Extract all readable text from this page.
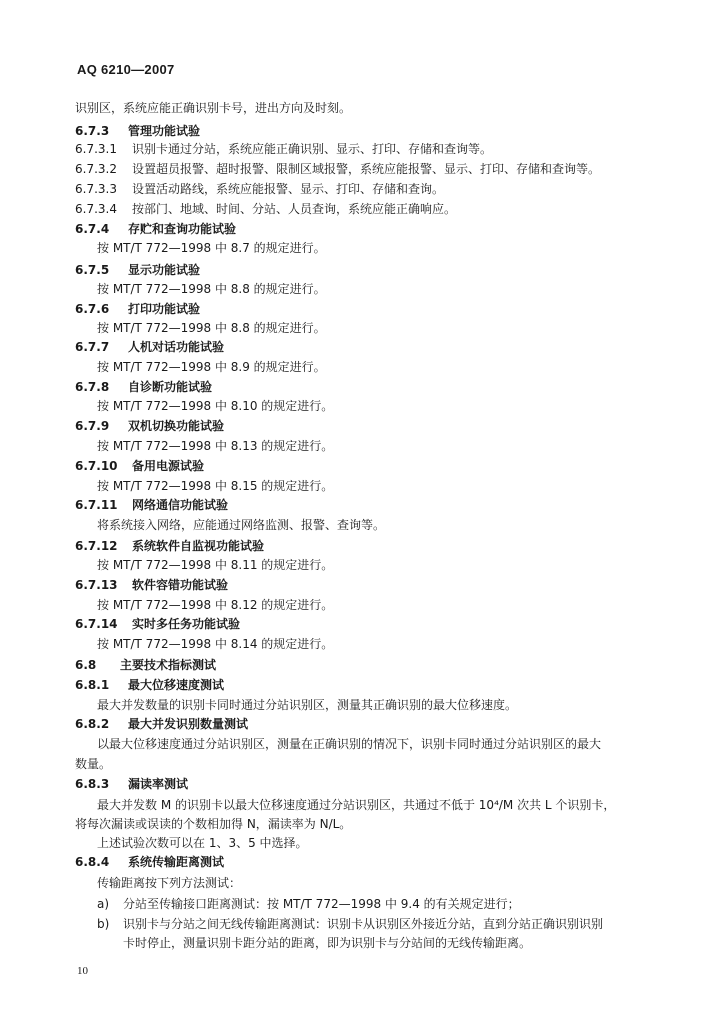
AQ 6210—2007
识别区，系统应能正确识别卡号，进出方向及时刻。
6.7.3 管理功能试验
6.7.3.1 识别卡通过分站，系统应能正确识别、显示、打印、存储和查询等。
6.7.3.2 设置超员报警、超时报警、限制区域报警，系统应能报警、显示、打印、存储和查询等。
6.7.3.3 设置活动路线，系统应能报警、显示、打印、存储和查询。
6.7.3.4 按部门、地域、时间、分站、人员查询，系统应能正确响应。
6.7.4 存贮和查询功能试验
按 MT/T 772—1998 中 8.7 的规定进行。
6.7.5 显示功能试验
按 MT/T 772—1998 中 8.8 的规定进行。
6.7.6 打印功能试验
按 MT/T 772—1998 中 8.8 的规定进行。
6.7.7 人机对话功能试验
按 MT/T 772—1998 中 8.9 的规定进行。
6.7.8 自诊断功能试验
按 MT/T 772—1998 中 8.10 的规定进行。
6.7.9 双机切换功能试验
按 MT/T 772—1998 中 8.13 的规定进行。
6.7.10 备用电源试验
按 MT/T 772—1998 中 8.15 的规定进行。
6.7.11 网络通信功能试验
将系统接入网络，应能通过网络监测、报警、查询等。
6.7.12 系统软件自监视功能试验
按 MT/T 772—1998 中 8.11 的规定进行。
6.7.13 软件容错功能试验
按 MT/T 772—1998 中 8.12 的规定进行。
6.7.14 实时多任务功能试验
按 MT/T 772—1998 中 8.14 的规定进行。
6.8 主要技术指标测试
6.8.1 最大位移速度测试
最大并发数量的识别卡同时通过分站识别区，测量其正确识别的最大位移速度。
6.8.2 最大并发识别数量测试
以最大位移速度通过分站识别区，测量在正确识别的情况下，识别卡同时通过分站识别区的最大
数量。
6.8.3 漏读率测试
最大并发数 M 的识别卡以最大位移速度通过分站识别区，共通过不低于 10⁴/M 次共 L 个识别卡，
将每次漏读或误读的个数相加得 N，漏读率为 N/L。
上述试验次数可以在 1、3、5 中选择。
6.8.4 系统传输距离测试
传输距离按下列方法测试：
a) 分站至传输接口距离测试：按 MT/T 772—1998 中 9.4 的有关规定进行；
b) 识别卡与分站之间无线传输距离测试：识别卡从识别区外接近分站，直到分站正确识别识别
卡时停止，测量识别卡距分站的距离，即为识别卡与分站间的无线传输距离。
10
